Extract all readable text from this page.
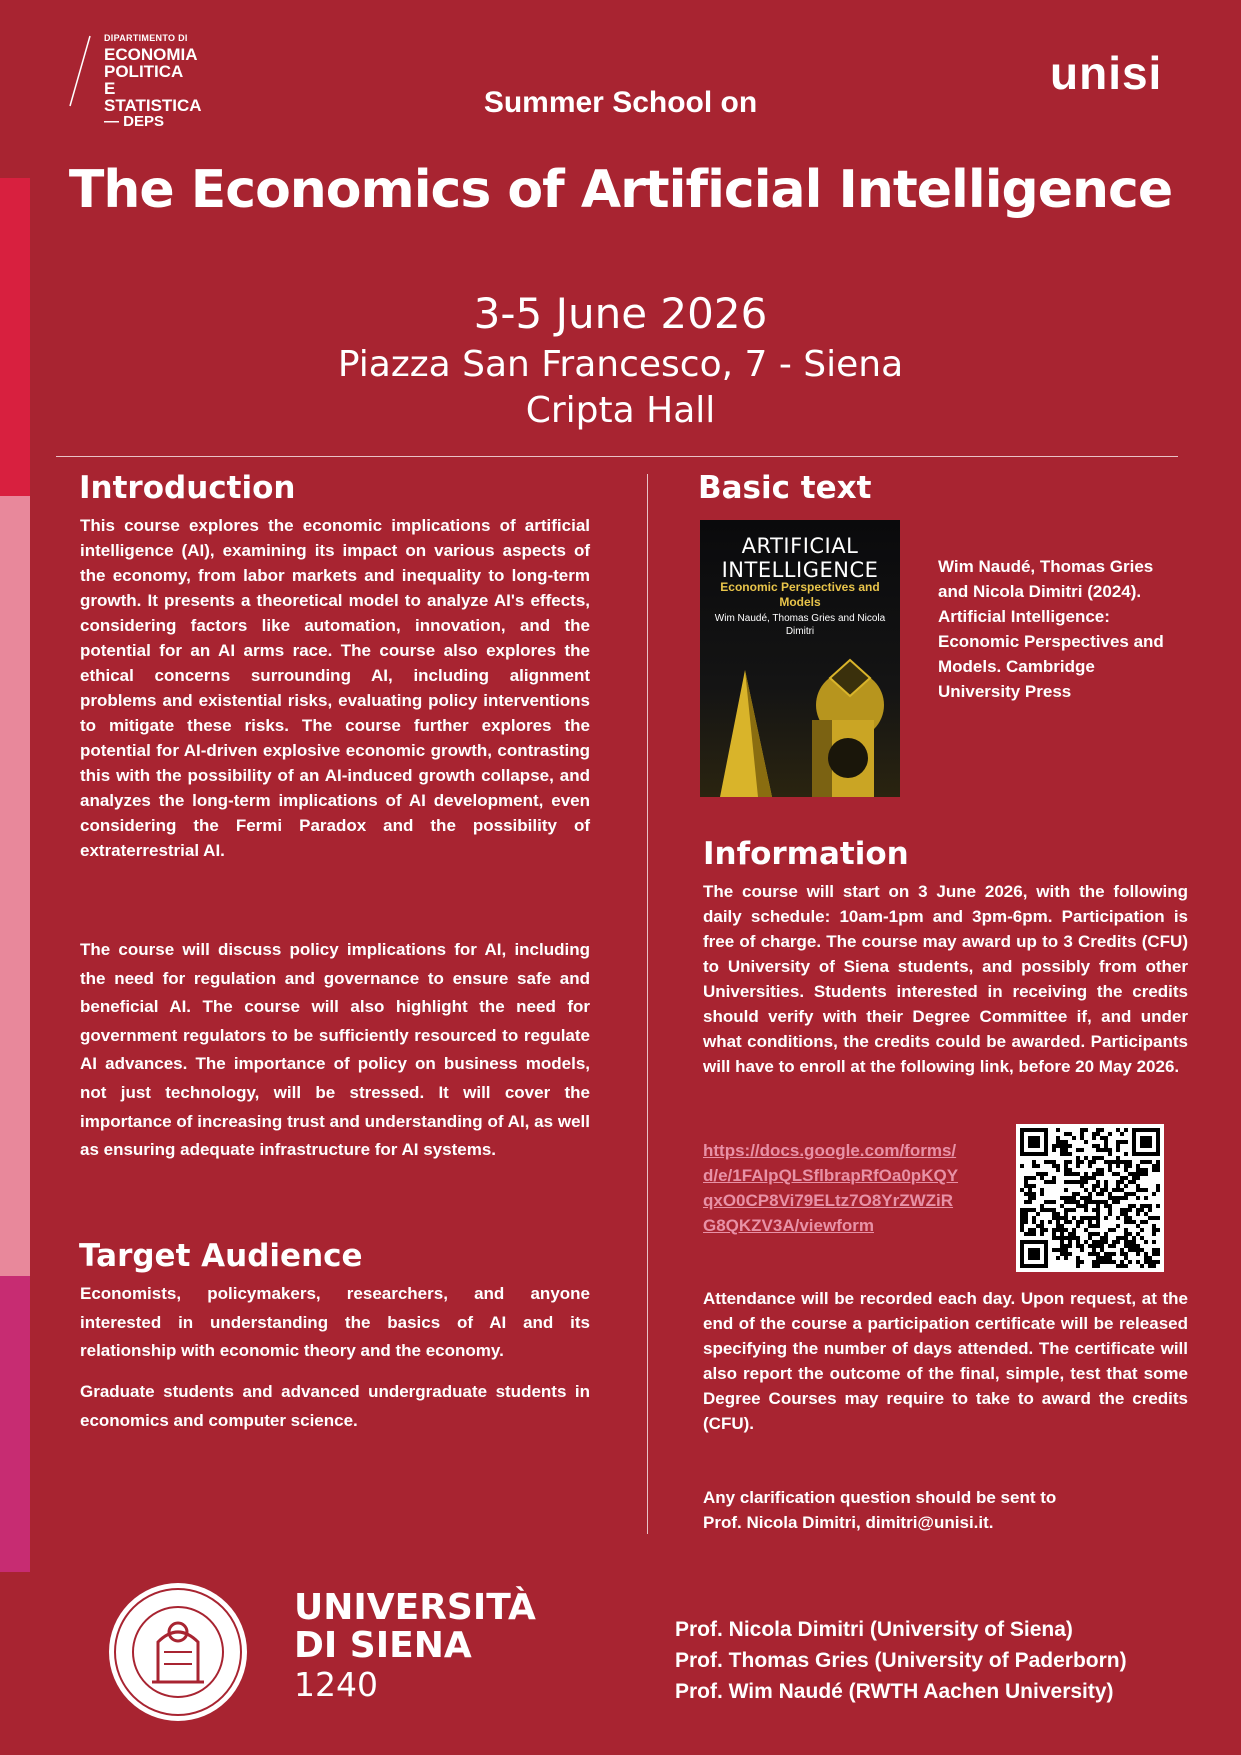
DIPARTIMENTO DI
ECONOMIA POLITICA
E STATISTICA
— DEPS
unisi
Summer School on
The Economics of Artificial Intelligence
3-5 June 2026
Piazza San Francesco, 7 - Siena
Cripta Hall
Introduction
This course explores the economic implications of artificial intelligence (AI), examining its impact on various aspects of the economy, from labor markets and inequality to long-term growth. It presents a theoretical model to analyze AI's effects, considering factors like automation, innovation, and the potential for an AI arms race. The course also explores the ethical concerns surrounding AI, including alignment problems and existential risks, evaluating policy interventions to mitigate these risks. The course further explores the potential for AI-driven explosive economic growth, contrasting this with the possibility of an AI-induced growth collapse, and analyzes the long-term implications of AI development, even considering the Fermi Paradox and the possibility of extraterrestrial AI.
The course will discuss policy implications for AI, including the need for regulation and governance to ensure safe and beneficial AI. The course will also highlight the need for government regulators to be sufficiently resourced to regulate AI advances. The importance of policy on business models, not just technology, will be stressed. It will cover the importance of increasing trust and understanding of AI, as well as ensuring adequate infrastructure for AI systems.
Target Audience
Economists, policymakers, researchers, and anyone interested in understanding the basics of AI and its relationship with economic theory and the economy.
Graduate students and advanced undergraduate students in economics and computer science.
Basic text
ARTIFICIAL INTELLIGENCE
Economic Perspectives and Models
Wim Naudé, Thomas Gries and Nicola Dimitri
Wim Naudé, Thomas Gries and Nicola Dimitri (2024). Artificial Intelligence: Economic Perspectives and Models. Cambridge University Press
Information
The course will start on 3 June 2026, with the following daily schedule: 10am-1pm and 3pm-6pm. Participation is free of charge. The course may award up to 3 Credits (CFU) to University of Siena students, and possibly from other Universities. Students interested in receiving the credits should verify with their Degree Committee if, and under what conditions, the credits could be awarded. Participants will have to enroll at the following link, before 20 May 2026.
https://docs.google.com/forms/d/e/1FAIpQLSflbrapRfOa0pKQYqxO0CP8Vi79ELtz7O8YrZWZiRG8QKZV3A/viewform
Attendance will be recorded each day. Upon request, at the end of the course a participation certificate will be released specifying the number of days attended. The certificate will also report the outcome of the final, simple, test that some Degree Courses may require to take to award the credits (CFU).
Any clarification question should be sent to
Prof. Nicola Dimitri, dimitri@unisi.it.
UNIVERSITÀ
DI SIENA
1240
Prof. Nicola Dimitri (University of Siena)
Prof. Thomas Gries (University of Paderborn)
Prof. Wim Naudé (RWTH Aachen University)
